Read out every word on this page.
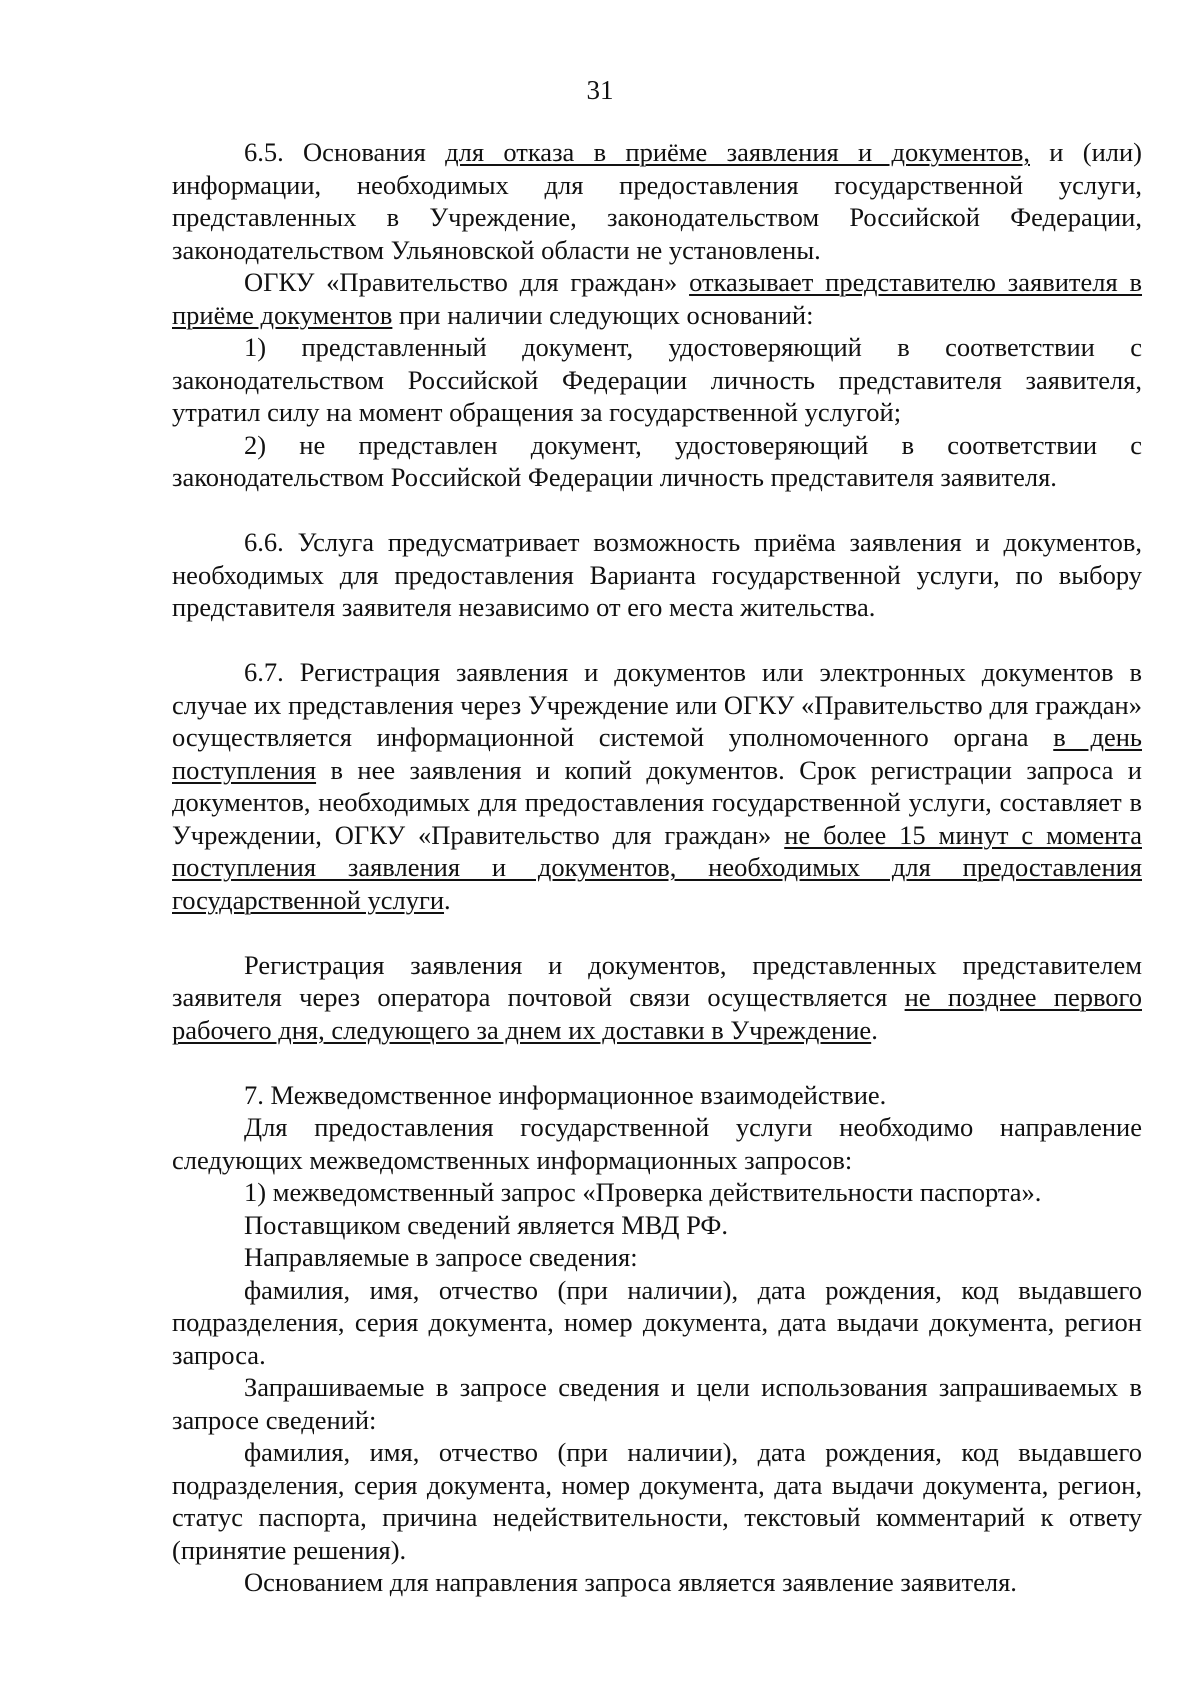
31

6.5. Основания для отказа в приёме заявления и документов, и (или) информации, необходимых для предоставления государственной услуги, представленных в Учреждение, законодательством Российской Федерации, законодательством Ульяновской области не установлены.

ОГКУ «Правительство для граждан» отказывает представителю заявителя в приёме документов при наличии следующих оснований:

1) представленный документ, удостоверяющий в соответствии с законодательством Российской Федерации личность представителя заявителя, утратил силу на момент обращения за государственной услугой;

2) не представлен документ, удостоверяющий в соответствии с законодательством Российской Федерации личность представителя заявителя.

6.6. Услуга предусматривает возможность приёма заявления и документов, необходимых для предоставления Варианта государственной услуги, по выбору представителя заявителя независимо от его места жительства.

6.7. Регистрация заявления и документов или электронных документов в случае их представления через Учреждение или ОГКУ «Правительство для граждан» осуществляется информационной системой уполномоченного органа в день поступления в нее заявления и копий документов. Срок регистрации запроса и документов, необходимых для предоставления государственной услуги, составляет в Учреждении, ОГКУ «Правительство для граждан» не более 15 минут с момента поступления заявления и документов, необходимых для предоставления государственной услуги.

Регистрация заявления и документов, представленных представителем заявителя через оператора почтовой связи осуществляется не позднее первого рабочего дня, следующего за днем их доставки в Учреждение.

7. Межведомственное информационное взаимодействие.

Для предоставления государственной услуги необходимо направление следующих межведомственных информационных запросов:

1) межведомственный запрос «Проверка действительности паспорта».

Поставщиком сведений является МВД РФ.

Направляемые в запросе сведения:

фамилия, имя, отчество (при наличии), дата рождения, код выдавшего подразделения, серия документа, номер документа, дата выдачи документа, регион запроса.

Запрашиваемые в запросе сведения и цели использования запрашиваемых в запросе сведений:

фамилия, имя, отчество (при наличии), дата рождения, код выдавшего подразделения, серия документа, номер документа, дата выдачи документа, регион, статус паспорта, причина недействительности, текстовый комментарий к ответу (принятие решения).

Основанием для направления запроса является заявление заявителя.
